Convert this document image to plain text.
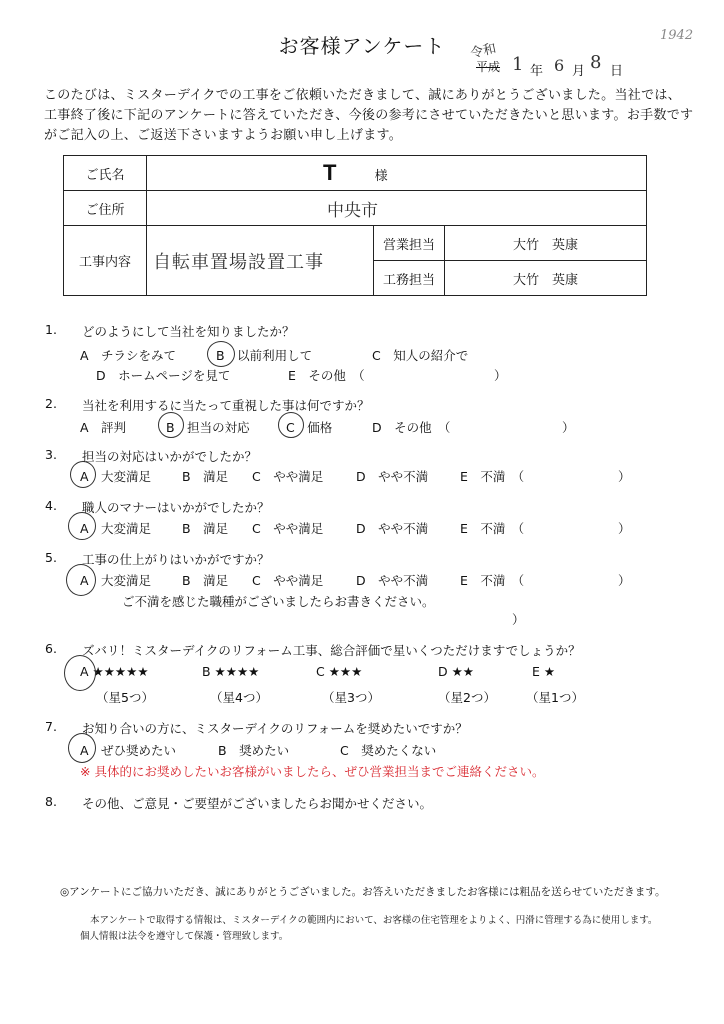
お客様アンケート	1942
令和
平成 1 年 6 月 8 日
このたびは、ミスターデイクでの工事をご依頼いただきまして、誠にありがとうございました。当社では、工事終了後に下記のアンケートに答えていただき、今後の参考にさせていただきたいと思います。お手数ですがご記入の上、ご返送下さいますようお願い申し上げます。
ご氏名	T 様		
ご住所	中央市		
工事内容	自転車置場設置工事	営業担当	大竹　英康
		工務担当	大竹　英康
1. どのようにして当社を知りましたか？
A　チラシをみて	B　以前利用して	C　知人の紹介で
D　ホームページを見て	E　その他　（	）
2. 当社を利用するに当たって重視した事は何ですか？
A　評判	B　担当の対応	C　価格	D　その他　（	）
3. 担当の対応はいかがでしたか？
A　大変満足 B　満足 C　やや満足	D　やや不満	E　不満　（	）
4. 職人のマナーはいかがでしたか？
A　大変満足 B　満足 C　やや満足	D　やや不満	E　不満　（	）
5. 工事の仕上がりはいかがですか？
A　大変満足 B　満足 C　やや満足	D　やや不満	E　不満　（	）
ご不満を感じた職種がございましたらお書きください。
）
6. ズバリ！ミスターデイクのリフォーム工事、総合評価で星いくつただけますでしょうか？
A ★★★★★	B ★★★★	C ★★★	D ★★	E ★
（星5つ）	（星4つ）	（星3つ）	（星2つ） （星1つ）
7. お知り合いの方に、ミスターデイクのリフォームを奨めたいですか？
A　ぜひ奨めたい	B　奨めたい	C　奨めたくない
※ 具体的にお奨めしたいお客様がいましたら、ぜひ営業担当までご連絡ください。
8. その他、ご意見・ご要望がございましたらお聞かせください。
◎アンケートにご協力いただき、誠にありがとうございました。お答えいただきましたお客様には粗品を送らせていただきます。
本アンケートで取得する情報は、ミスターデイクの範囲内において、お客様の住宅管理をよりよく、円滑に管理する為に使用します。
個人情報は法令を遵守して保護・管理致します。
